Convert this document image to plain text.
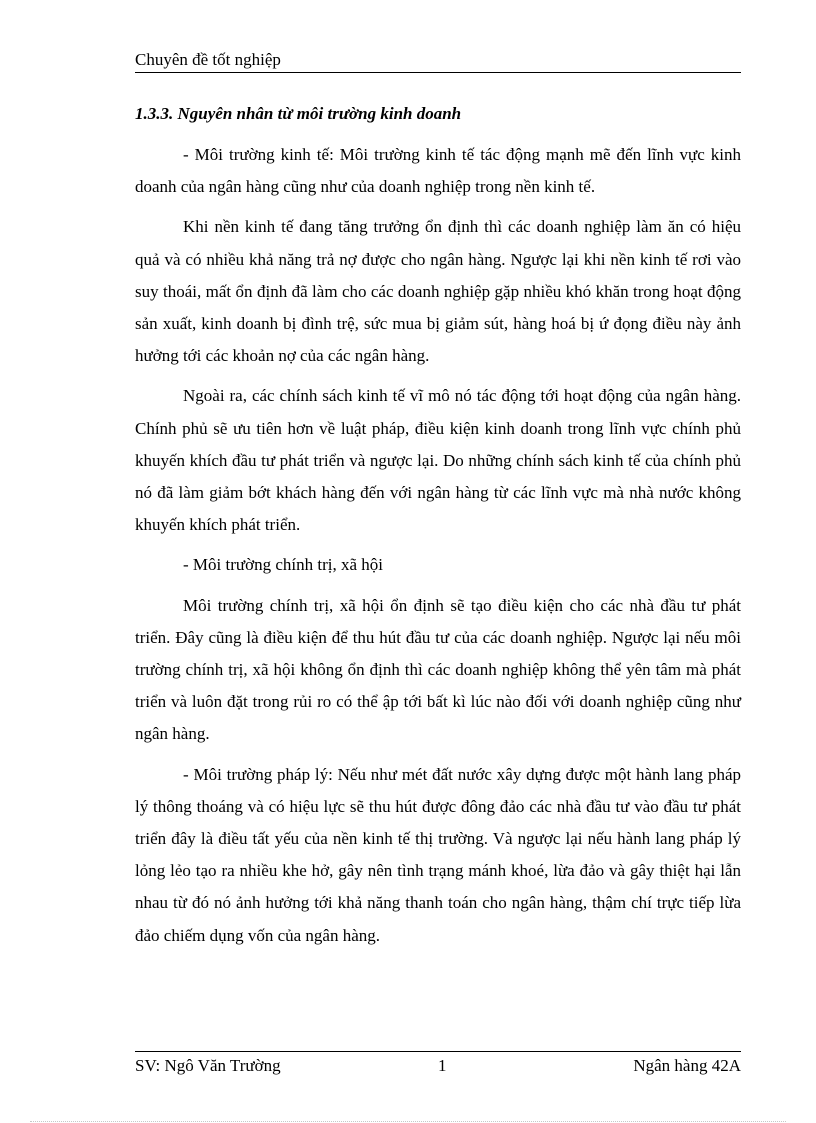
Chuyên đề tốt nghiệp
1.3.3. Nguyên nhân từ môi trường kinh doanh

- Môi trường kinh tế: Môi trường kinh tế tác động mạnh mẽ đến lĩnh vực kinh doanh của ngân hàng cũng như của doanh nghiệp trong nền kinh tế.

Khi nền kinh tế đang tăng trưởng ổn định thì các doanh nghiệp làm ăn có hiệu quả và có nhiều khả năng trả nợ được cho ngân hàng. Ngược lại khi nền kinh tế rơi vào suy thoái, mất ổn định đã làm cho các doanh nghiệp gặp nhiều khó khăn trong hoạt động sản xuất, kinh doanh bị đình trệ, sức mua bị giảm sút, hàng hoá bị ứ đọng điều này ảnh hưởng tới các khoản nợ của các ngân hàng.

Ngoài ra, các chính sách kinh tế vĩ mô nó tác động tới hoạt động của ngân hàng. Chính phủ sẽ ưu tiên hơn về luật pháp, điều kiện kinh doanh trong lĩnh vực chính phủ khuyến khích đầu tư phát triển và ngược lại. Do những chính sách kinh tế của chính phủ nó đã làm giảm bớt khách hàng đến với ngân hàng từ các lĩnh vực mà nhà nước không khuyến khích phát triển.

- Môi trường chính trị, xã hội

Môi trường chính trị, xã hội ổn định sẽ tạo điều kiện cho các nhà đầu tư phát triển. Đây cũng là điều kiện để thu hút đầu tư của các doanh nghiệp. Ngược lại nếu môi trường chính trị, xã hội không ổn định thì các doanh nghiệp không thể yên tâm mà phát triển và luôn đặt trong rủi ro có thể ập tới bất kì lúc nào đối với doanh nghiệp cũng như ngân hàng.

- Môi trường pháp lý: Nếu như mét đất nước xây dựng được một hành lang pháp lý thông thoáng và có hiệu lực sẽ thu hút được đông đảo các nhà đầu tư vào đầu tư phát triển đây là điều tất yếu của nền kinh tế thị trường. Và ngược lại nếu hành lang pháp lý lỏng lẻo tạo ra nhiều khe hở, gây nên tình trạng mánh khoé, lừa đảo và gây thiệt hại lẫn nhau từ đó nó ảnh hưởng tới khả năng thanh toán cho ngân hàng, thậm chí trực tiếp lừa đảo chiếm dụng vốn của ngân hàng.

SV: Ngô Văn Trường	1	Ngân hàng 42A
